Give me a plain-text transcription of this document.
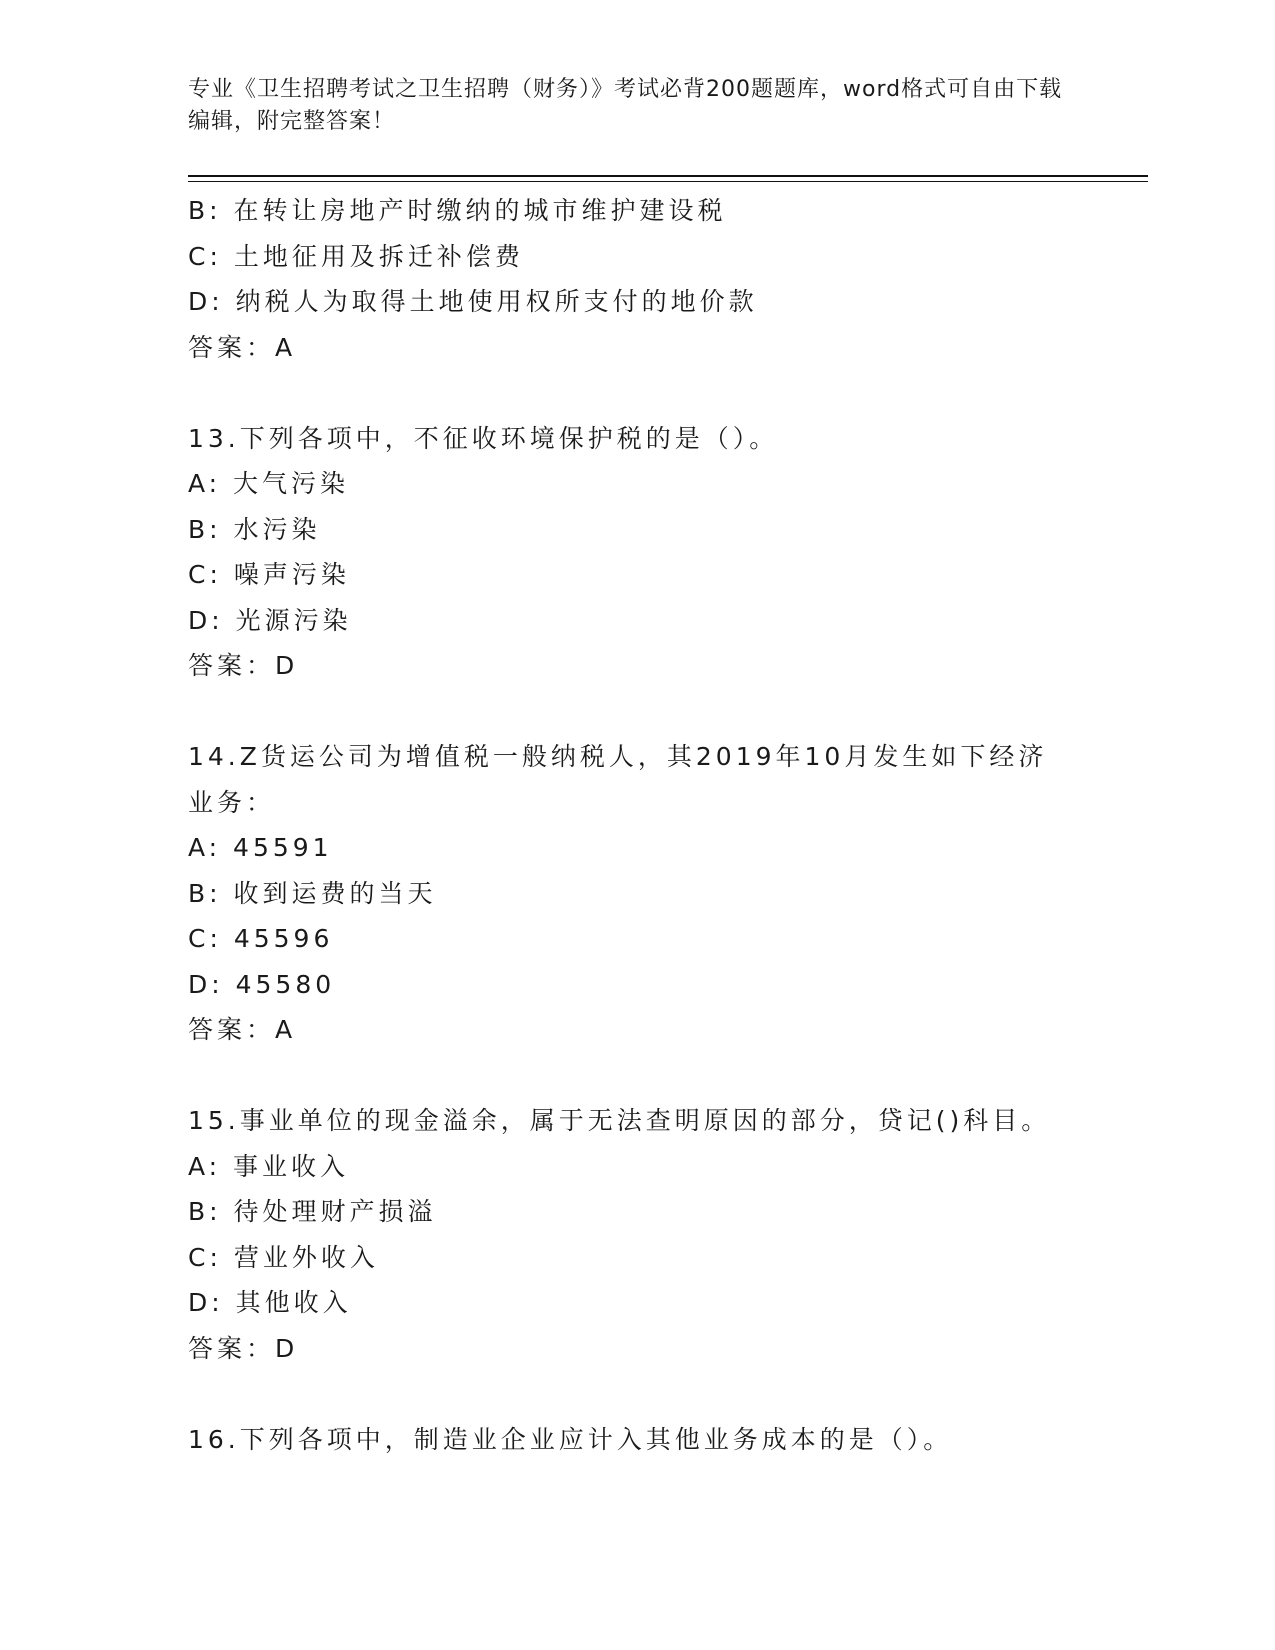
专业《卫生招聘考试之卫生招聘（财务）》考试必背200题题库，word格式可自由下载编辑，附完整答案！
B: 在转让房地产时缴纳的城市维护建设税
C: 土地征用及拆迁补偿费
D: 纳税人为取得土地使用权所支付的地价款
答案：A
13.下列各项中，不征收环境保护税的是（）。
A: 大气污染
B: 水污染
C: 噪声污染
D: 光源污染
答案：D
14.Z货运公司为增值税一般纳税人，其2019年10月发生如下经济业务：
A: 45591
B: 收到运费的当天
C: 45596
D: 45580
答案：A
15.事业单位的现金溢余，属于无法查明原因的部分，贷记()科目。
A: 事业收入
B: 待处理财产损溢
C: 营业外收入
D: 其他收入
答案：D
16.下列各项中，制造业企业应计入其他业务成本的是（）。
